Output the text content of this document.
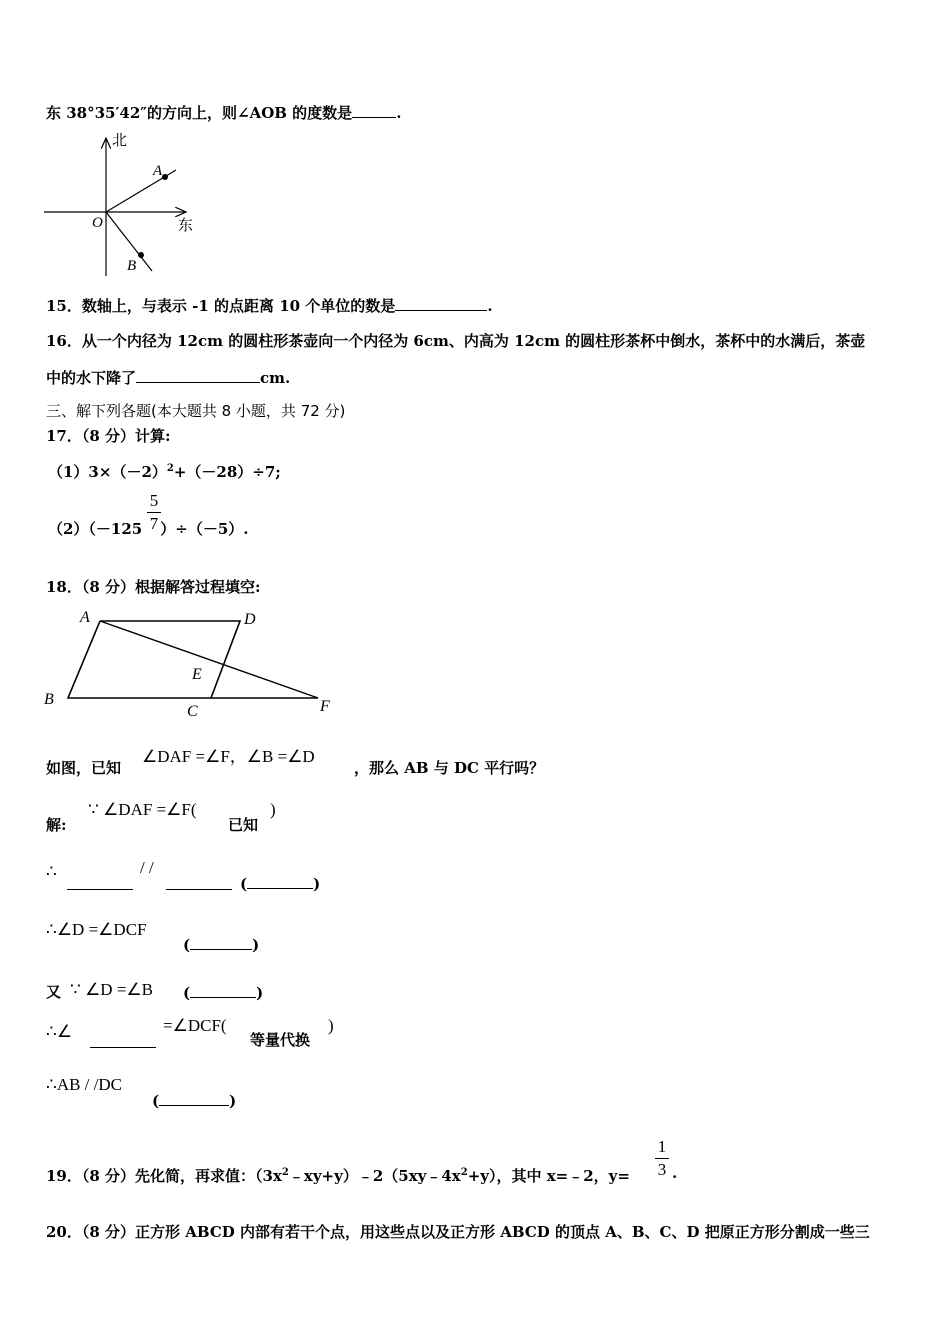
东 38°35′42″的方向上，则∠AOB 的度数是	.
北
东
O
A
B
15．数轴上，与表示 -1 的点距离 10 个单位的数是	.
16．从一个内径为 12cm 的圆柱形茶壶向一个内径为 6cm、内高为 12cm 的圆柱形茶杯中倒水，茶杯中的水满后，茶壶
中的水下降了	cm.
三、解下列各题(本大题共 8 小题，共 72 分)
17．（8 分）计算:
$(1)3\times(-2)^2+(-28)\div 7$;
（2）（－125 ）÷（－5）.
5
7
18．（8 分）根据解答过程填空:
A	D
E
B
C	F
如图，已知
∠DAF =∠F，∠B =∠D
，那么 AB 与 DC 平行吗？
解:
∵ ∠DAF =∠F(
已知
)
∴	/ /
(	)
∴∠D =∠DCF
(	)
又 ∵ ∠D =∠B (	)
∴∠	=∠DCF(
等量代换
)
∴AB / /DC
(	)
19．（8 分）先化简，再求值：$(3x^2﹣xy+y)﹣2(5xy﹣4x^2+y)$，其中 x=﹣2，y=
1
3 .
20．（8 分）正方形 ABCD 内部有若干个点，用这些点以及正方形 ABCD 的顶点 A、B、C、D 把原正方形分割成一些三
